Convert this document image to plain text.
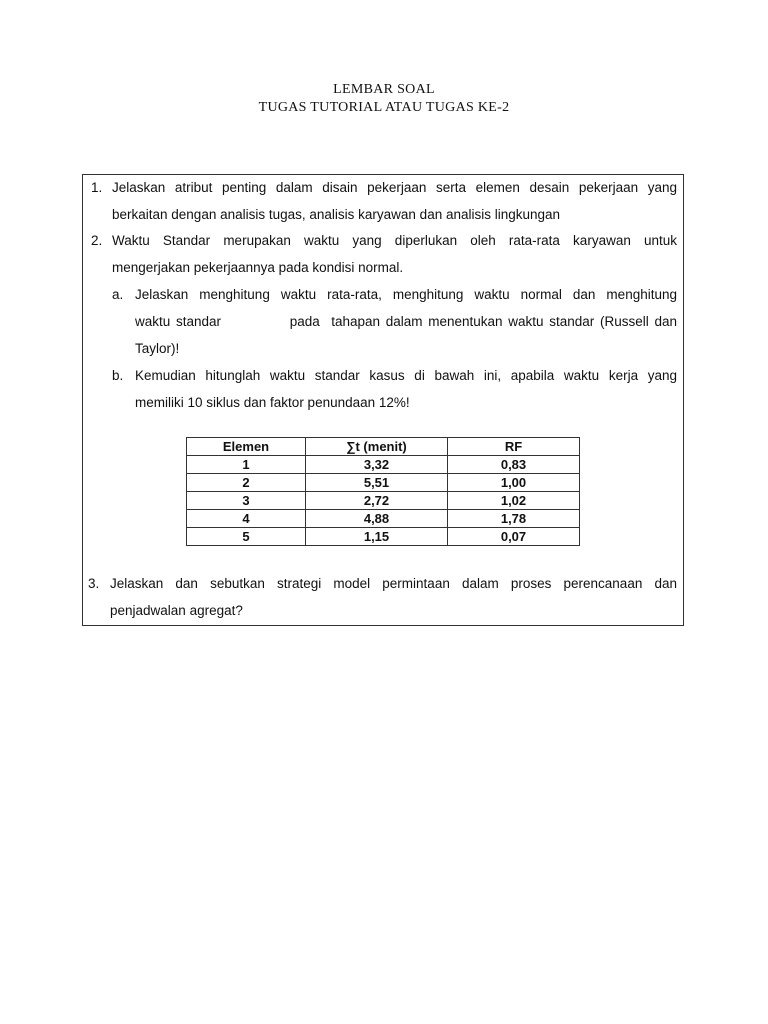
LEMBAR SOAL
TUGAS TUTORIAL ATAU TUGAS KE-2
1. Jelaskan atribut penting dalam disain pekerjaan serta elemen desain pekerjaan yang
berkaitan dengan analisis tugas, analisis karyawan dan analisis lingkungan
2. Waktu Standar merupakan waktu yang diperlukan oleh rata-rata karyawan untuk
mengerjakan pekerjaannya pada kondisi normal.
a. Jelaskan menghitung waktu rata-rata, menghitung waktu normal dan menghitung
waktu standar            pada  tahapan dalam menentukan waktu standar (Russell dan
Taylor)!
b. Kemudian hitunglah waktu standar kasus di bawah ini, apabila waktu kerja yang
memiliki 10 siklus dan faktor penundaan 12%!
Elemen	∑t (menit)	RF
1	3,32	0,83
2	5,51	1,00
3	2,72	1,02
4	4,88	1,78
5	1,15	0,07
3. Jelaskan dan sebutkan strategi model permintaan dalam proses perencanaan dan
penjadwalan agregat?
